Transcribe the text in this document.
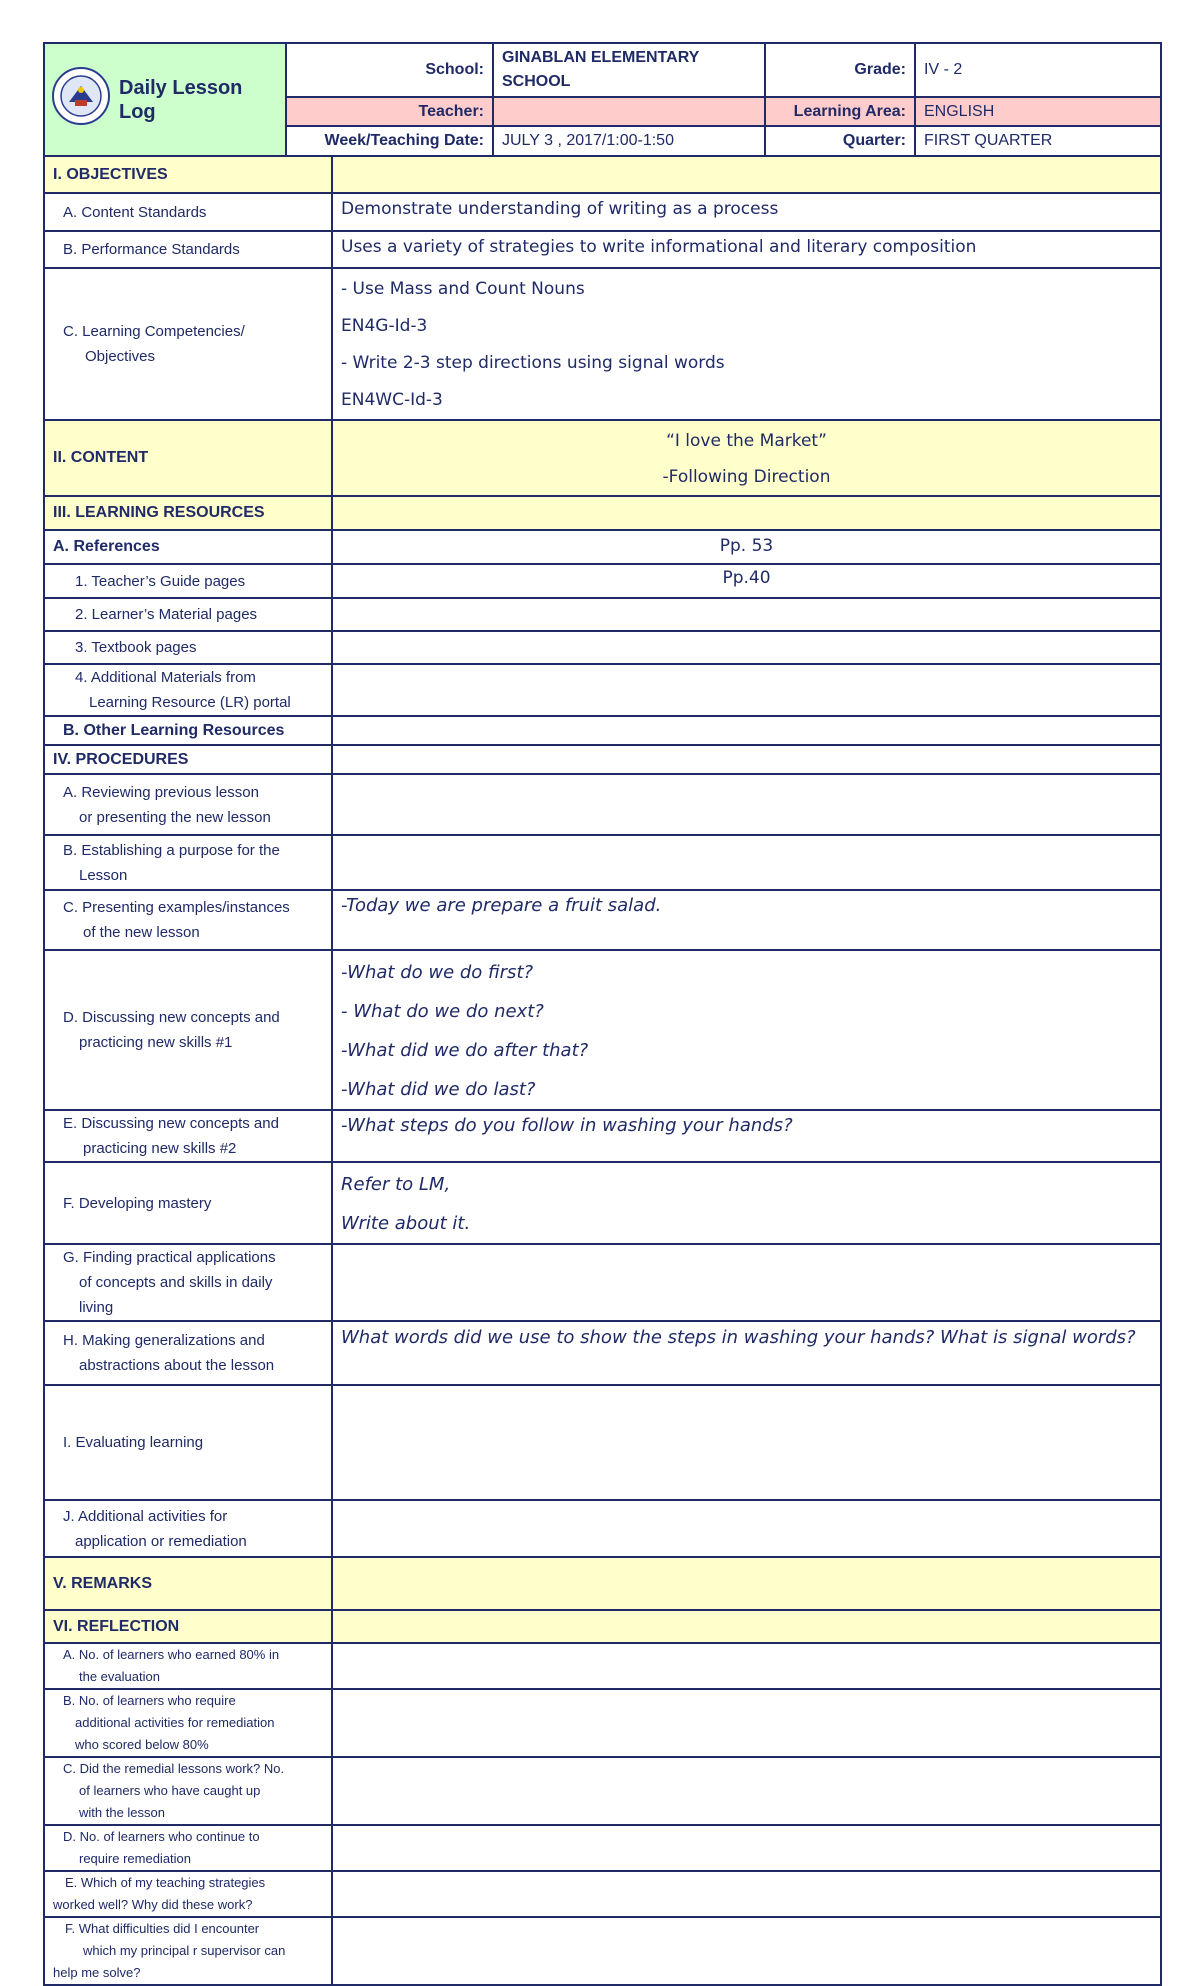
Daily Lesson Log	School:	GINABLAN ELEMENTARY SCHOOL	Grade:	IV - 2
	Teacher:		Learning Area:	ENGLISH
	Week/Teaching Date:	JULY 3 , 2017/1:00-1:50	Quarter:	FIRST QUARTER
I. OBJECTIVES	
A. Content Standards	Demonstrate understanding of writing as a process
B. Performance Standards	Uses a variety of strategies to write informational and literary composition

C. Learning Competencies/
Objectives	- Use Mass and Count Nouns
EN4G-Id-3
- Write 2-3 step directions using signal words
EN4WC-Id-3

II. CONTENT	“I love the Market”
-Following Direction

III. LEARNING RESOURCES	
A. References	Pp. 53
1. Teacher’s Guide pages	Pp.40
2. Learner’s Material pages	
3. Textbook pages	

4. Additional Materials from
Learning Resource (LR) portal	

B. Other Learning Resources	
IV. PROCEDURES	

A. Reviewing previous lesson
or presenting the new lesson	

B. Establishing a purpose for the
Lesson	

C. Presenting examples/instances
of the new lesson	-Today we are prepare a fruit salad.

D. Discussing new concepts and
practicing new skills #1	-What do we do first?
- What do we do next?
-What did we do after that?
-What did we do last?

E. Discussing new concepts and
practicing new skills #2	-What steps do you follow in washing your hands?
F. Developing mastery	Refer to LM,
Write about it.

G. Finding practical applications
of concepts and skills in daily
living	

H. Making generalizations and
abstractions about the lesson	What words did we use to show the steps in washing your hands? What is signal words?
I. Evaluating learning	

J. Additional activities for
application or remediation	

V. REMARKS	
VI. REFLECTION	

A. No. of learners who earned 80% in
the evaluation	

B. No. of learners who require
additional activities for remediation
who scored below 80%	

C. Did the remedial lessons work? No.
of learners who have caught up
with the lesson	

D. No. of learners who continue to
require remediation	

E. Which of my teaching strategies
worked well? Why did these work?	

F. What difficulties did I encounter
which my principal r supervisor can
help me solve?	
